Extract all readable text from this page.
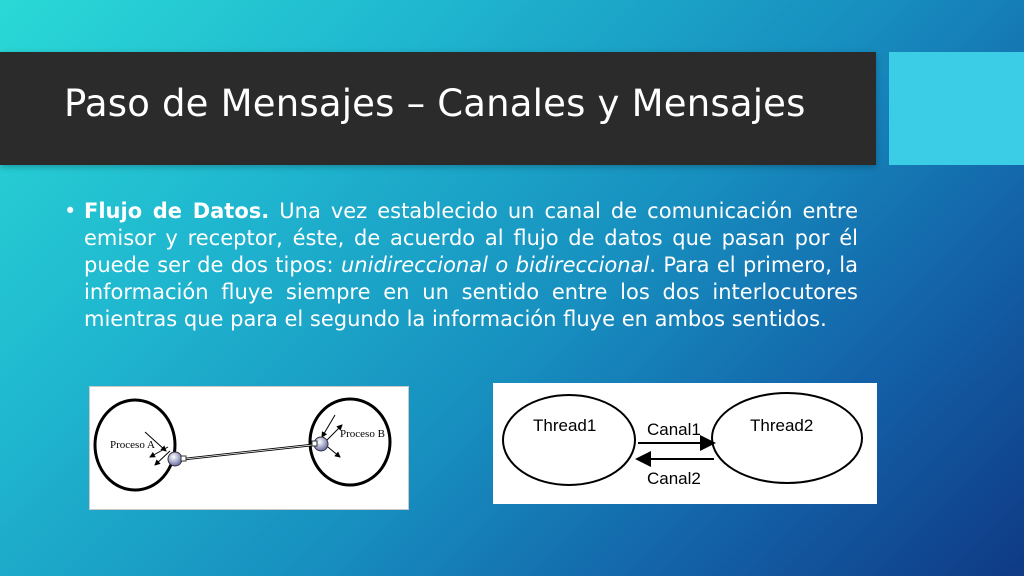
Paso de Mensajes – Canales y Mensajes
• Flujo de Datos. Una vez establecido un canal de comunicación entre emisor y receptor, éste, de acuerdo al flujo de datos que pasan por él puede ser de dos tipos: unidireccional o bidireccional. Para el primero, la información fluye siempre en un sentido entre los dos interlocutores mientras que para el segundo la información fluye en ambos sentidos.
Proceso A
Proceso B	Thread1	Thread2
Canal1
Canal2
